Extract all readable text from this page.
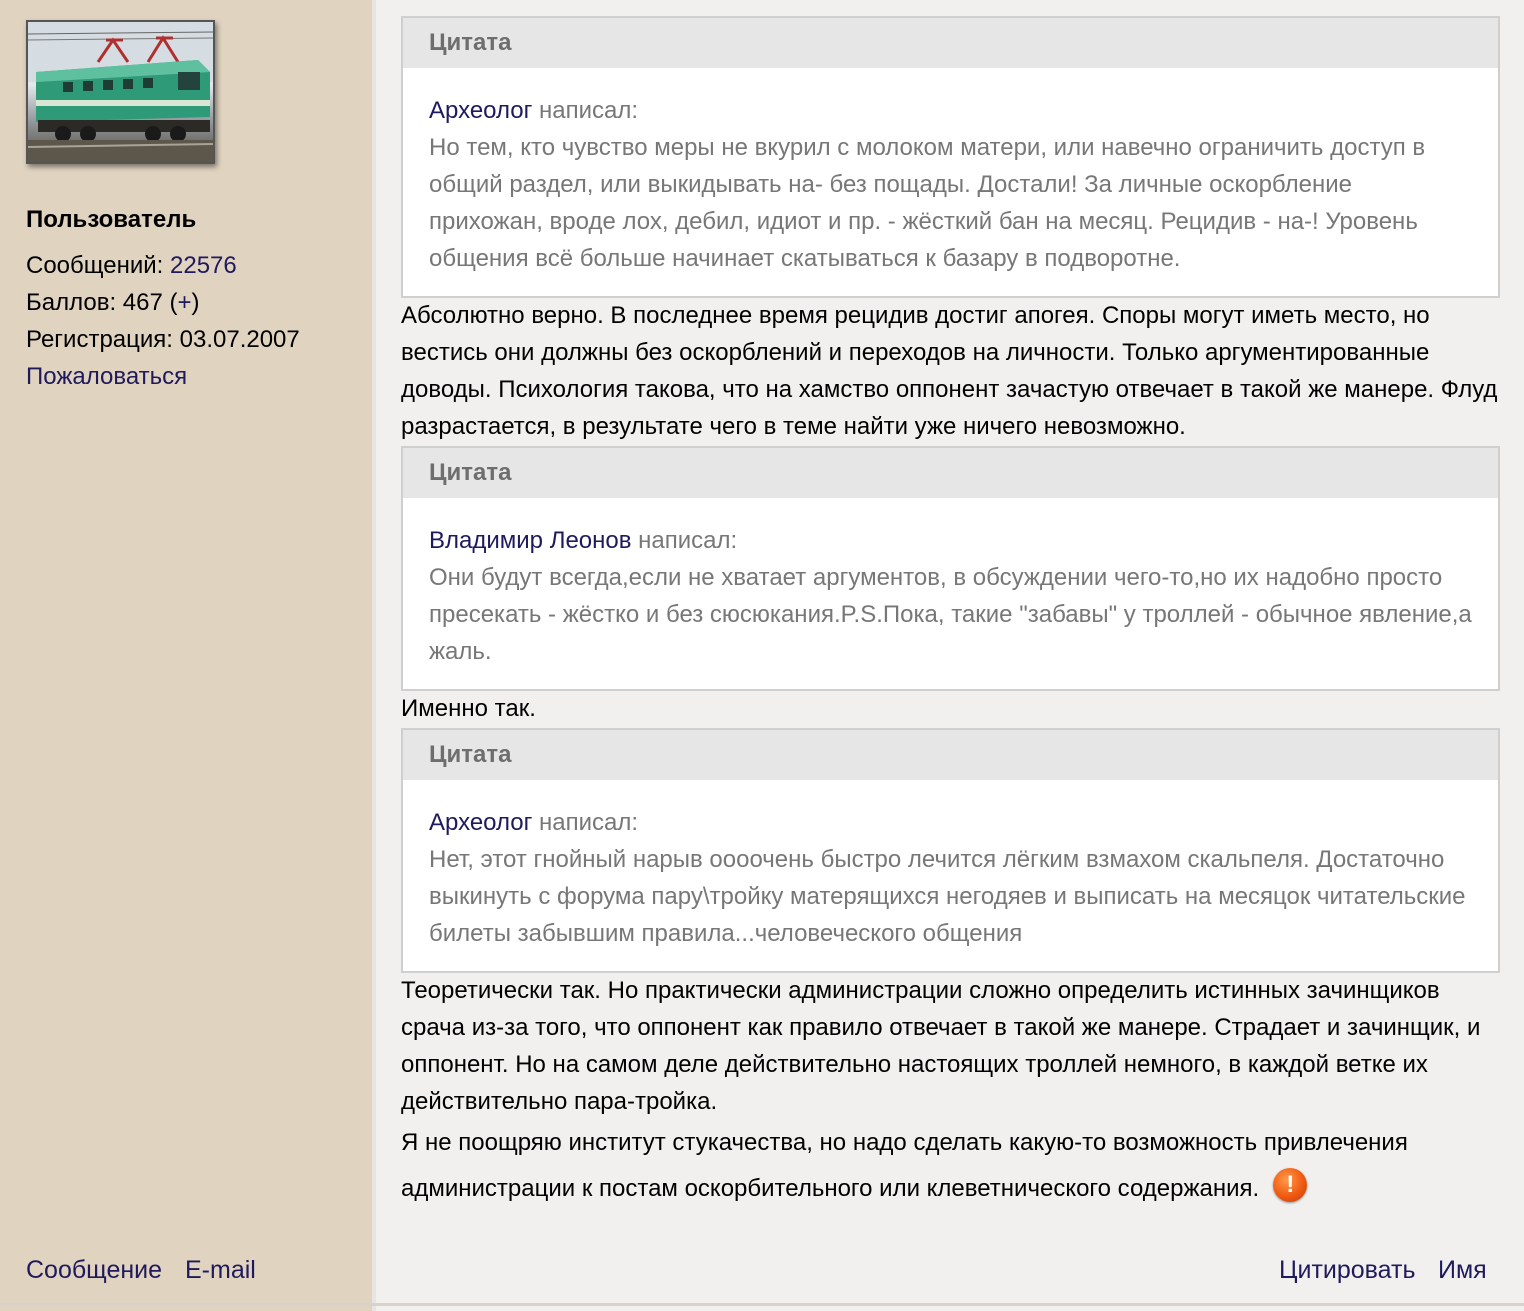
Пользователь
Сообщений: 22576
Баллов: 467 (+)
Регистрация: 03.07.2007
Пожаловаться
Цитата
Археолог написал:
Но тем, кто чувство меры не вкурил с молоком матери, или навечно ограничить доступ в общий раздел, или выкидывать на- без пощады. Достали! За личные оскорбление прихожан, вроде лох, дебил, идиот и пр. - жёсткий бан на месяц. Рецидив - на-! Уровень общения всё больше начинает скатываться к базару в подворотне.
Абсолютно верно. В последнее время рецидив достиг апогея. Споры могут иметь место, но вестись они должны без оскорблений и переходов на личности. Только аргументированные доводы. Психология такова, что на хамство оппонент зачастую отвечает в такой же манере. Флуд разрастается, в результате чего в теме найти уже ничего невозможно.
Цитата
Владимир Леонов написал:
Они будут всегда,если не хватает аргументов, в обсуждении чего-то,но их надобно просто пресекать - жёстко и без сюсюкания.P.S.Пока, такие "забавы" у троллей - обычное явление,а жаль.
Именно так.
Цитата
Археолог написал:
Нет, этот гнойный нарыв оооочень быстро лечится лёгким взмахом скальпеля. Достаточно выкинуть с форума пару\тройку матерящихся негодяев и выписать на месяцок читательские билеты забывшим правила...человеческого общения
Теоретически так. Но практически администрации сложно определить истинных зачинщиков срача из-за того, что оппонент как правило отвечает в такой же манере. Страдает и зачинщик, и оппонент. Но на самом деле действительно настоящих троллей немного, в каждой ветке их действительно пара-тройка.
Я не поощряю институт стукачества, но надо сделать какую-то возможность привлечения администрации к постам оскорбительного или клеветнического содержания. !
Сообщение E-mail	Цитировать Имя
